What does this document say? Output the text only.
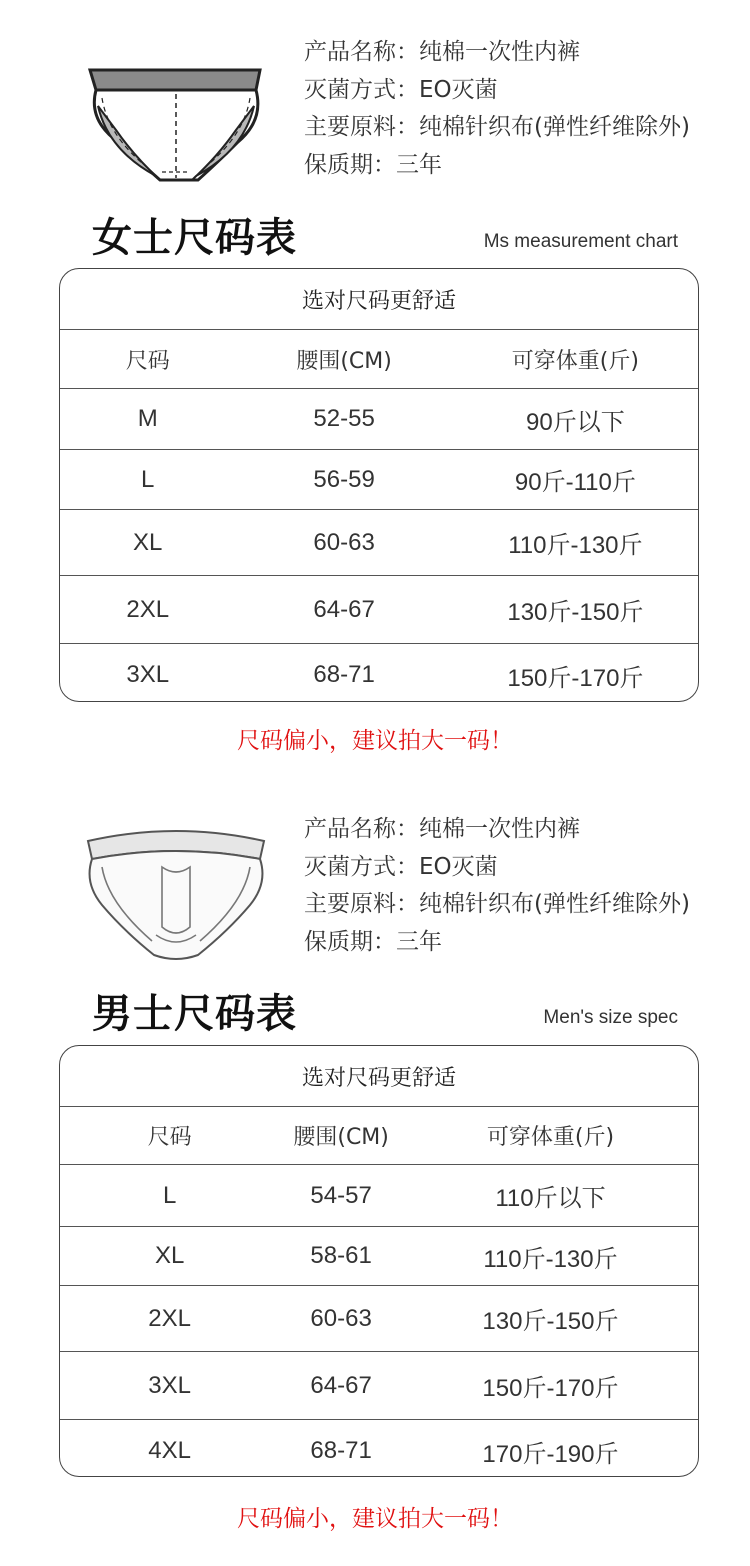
产品名称：纯棉一次性内裤
灭菌方式：EO灭菌
主要原料：纯棉针织布(弹性纤维除外)
保质期：三年
女士尺码表	Ms measurement chart
选对尺码更舒适
尺码	腰围(CM)	可穿体重(斤)
M	52-55	90斤以下
L	56-59	90斤-110斤
XL	60-63	110斤-130斤
2XL	64-67	130斤-150斤
3XL	68-71	150斤-170斤
尺码偏小，建议拍大一码！
产品名称：纯棉一次性内裤
灭菌方式：EO灭菌
主要原料：纯棉针织布(弹性纤维除外)
保质期：三年
男士尺码表	Men's size spec
选对尺码更舒适
尺码	腰围(CM)	可穿体重(斤)
L	54-57	110斤以下
XL	58-61	110斤-130斤
2XL	60-63	130斤-150斤
3XL	64-67	150斤-170斤
4XL	68-71	170斤-190斤
尺码偏小，建议拍大一码！
